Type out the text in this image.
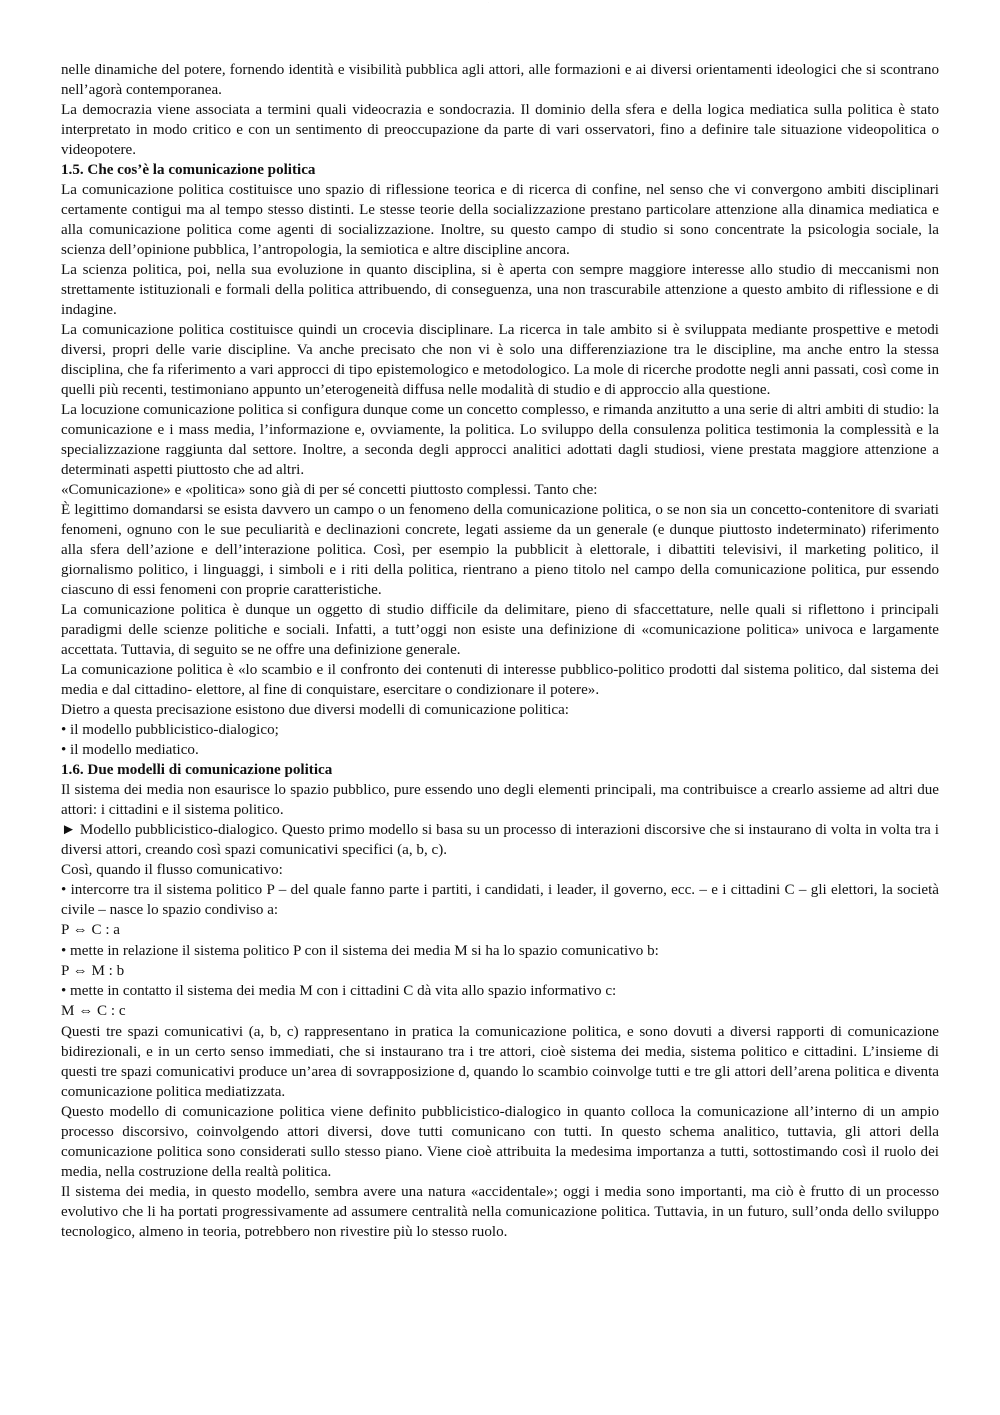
·

nelle dinamiche del potere, fornendo identità e visibilità pubblica agli attori, alle formazioni e ai diversi orientamenti ideologici che si scontrano nell’agorà contemporanea.

La democrazia viene associata a termini quali videocrazia e sondocrazia. Il dominio della sfera e della logica mediatica sulla politica è stato interpretato in modo critico e con un sentimento di preoccupazione da parte di vari osservatori, fino a definire tale situazione videopolitica o videopotere.

1.5. Che cos’è la comunicazione politica

La comunicazione politica costituisce uno spazio di riflessione teorica e di ricerca di confine, nel senso che vi convergono ambiti disciplinari certamente contigui ma al tempo stesso distinti. Le stesse teorie della socializzazione prestano particolare attenzione alla dinamica mediatica e alla comunicazione politica come agenti di socializzazione. Inoltre, su questo campo di studio si sono concentrate la psicologia sociale, la scienza dell’opinione pubblica, l’antropologia, la semiotica e altre discipline ancora.

La scienza politica, poi, nella sua evoluzione in quanto disciplina, si è aperta con sempre maggiore interesse allo studio di meccanismi non strettamente istituzionali e formali della politica attribuendo, di conseguenza, una non trascurabile attenzione a questo ambito di riflessione e di indagine.

La comunicazione politica costituisce quindi un crocevia disciplinare. La ricerca in tale ambito si è sviluppata mediante prospettive e metodi diversi, propri delle varie discipline. Va anche precisato che non vi è solo una differenziazione tra le discipline, ma anche entro la stessa disciplina, che fa riferimento a vari approcci di tipo epistemologico e metodologico. La mole di ricerche prodotte negli anni passati, così come in quelli più recenti, testimoniano appunto un’eterogeneità diffusa nelle modalità di studio e di approccio alla questione.

La locuzione comunicazione politica si configura dunque come un concetto complesso, e rimanda anzitutto a una serie di altri ambiti di studio: la comunicazione e i mass media, l’informazione e, ovviamente, la politica. Lo sviluppo della consulenza politica testimonia la complessità e la specializzazione raggiunta dal settore. Inoltre, a seconda degli approcci analitici adottati dagli studiosi, viene prestata maggiore attenzione a determinati aspetti piuttosto che ad altri.

«Comunicazione» e «politica» sono già di per sé concetti piuttosto complessi. Tanto che:

È legittimo domandarsi se esista davvero un campo o un fenomeno della comunicazione politica, o se non sia un concetto-contenitore di svariati fenomeni, ognuno con le sue peculiarità e declinazioni concrete, legati assieme da un generale (e dunque piuttosto indeterminato) riferimento alla sfera dell’azione e dell’interazione politica. Così, per esempio la pubblicit à elettorale, i dibattiti televisivi, il marketing politico, il giornalismo politico, i linguaggi, i simboli e i riti della politica, rientrano a pieno titolo nel campo della comunicazione politica, pur essendo ciascuno di essi fenomeni con proprie caratteristiche.

La comunicazione politica è dunque un oggetto di studio difficile da delimitare, pieno di sfaccettature, nelle quali si riflettono i principali paradigmi delle scienze politiche e sociali. Infatti, a tutt’oggi non esiste una definizione di «comunicazione politica» univoca e largamente accettata. Tuttavia, di seguito se ne offre una definizione generale.

La comunicazione politica è «lo scambio e il confronto dei contenuti di interesse pubblico-politico prodotti dal sistema politico, dal sistema dei media e dal cittadino- elettore, al fine di conquistare, esercitare o condizionare il potere».

Dietro a questa precisazione esistono due diversi modelli di comunicazione politica:

• il modello pubblicistico-dialogico;

• il modello mediatico.

1.6. Due modelli di comunicazione politica

Il sistema dei media non esaurisce lo spazio pubblico, pure essendo uno degli elementi principali, ma contribuisce a crearlo assieme ad altri due attori: i cittadini e il sistema politico.

► Modello pubblicistico-dialogico. Questo primo modello si basa su un processo di interazioni discorsive che si instaurano di volta in volta tra i diversi attori, creando così spazi comunicativi specifici (a, b, c).

Così, quando il flusso comunicativo:

• intercorre tra il sistema politico P – del quale fanno parte i partiti, i candidati, i leader, il governo, ecc. – e i cittadini C – gli elettori, la società civile – nasce lo spazio condiviso a:

P ⇔ C : a

• mette in relazione il sistema politico P con il sistema dei media M si ha lo spazio comunicativo b:

P ⇔ M : b

• mette in contatto il sistema dei media M con i cittadini C dà vita allo spazio informativo c:

M ⇔ C : c

Questi tre spazi comunicativi (a, b, c) rappresentano in pratica la comunicazione politica, e sono dovuti a diversi rapporti di comunicazione bidirezionali, e in un certo senso immediati, che si instaurano tra i tre attori, cioè sistema dei media, sistema politico e cittadini. L’insieme di questi tre spazi comunicativi produce un’area di sovrapposizione d, quando lo scambio coinvolge tutti e tre gli attori dell’arena politica e diventa comunicazione politica mediatizzata.

Questo modello di comunicazione politica viene definito pubblicistico-dialogico in quanto colloca la comunicazione all’interno di un ampio processo discorsivo, coinvolgendo attori diversi, dove tutti comunicano con tutti. In questo schema analitico, tuttavia, gli attori della comunicazione politica sono considerati sullo stesso piano. Viene cioè attribuita la medesima importanza a tutti, sottostimando così il ruolo dei media, nella costruzione della realtà politica.

Il sistema dei media, in questo modello, sembra avere una natura «accidentale»; oggi i media sono importanti, ma ciò è frutto di un processo evolutivo che li ha portati progressivamente ad assumere centralità nella comunicazione politica. Tuttavia, in un futuro, sull’onda dello sviluppo tecnologico, almeno in teoria, potrebbero non rivestire più lo stesso ruolo.
